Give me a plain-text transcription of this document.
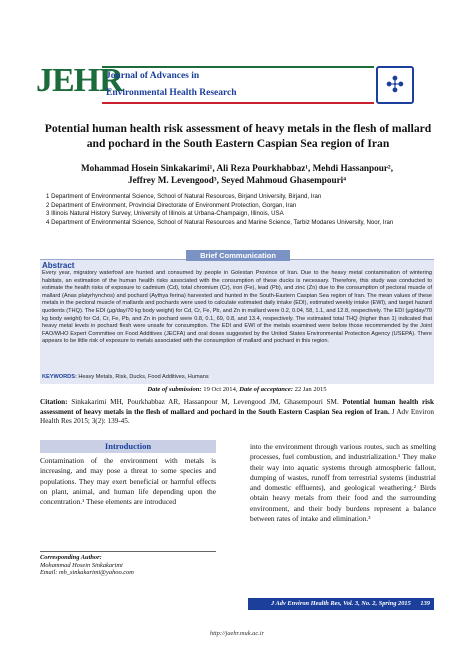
JEHR
Journal of Advances in
Environmental Health Research	✣
Potential human health risk assessment of heavy metals in the flesh of mallard and pochard in the South Eastern Caspian Sea region of Iran
Mohammad Hosein Sinkakarimi¹, Ali Reza Pourkhabbaz¹, Mehdi Hassanpour²,
Jeffrey M. Levengood³, Seyed Mahmoud Ghasempouri⁴
1 Department of Environmental Science, School of Natural Resources, Birjand University, Birjand, Iran
2 Department of Environment, Provincial Directorate of Environment Protection, Gorgan, Iran
3 Illinois Natural History Survey, University of Illinois at Urbana-Champaign, Illinois, USA
4 Department of Environmental Science, School of Natural Resources and Marine Science, Tarbiz Modares University, Noor, Iran
Abstract
Every year, migratory waterfowl are hunted and consumed by people in Golestan Province of Iran. Due to the heavy metal contamination of wintering habitats, an estimation of the human health risks associated with the consumption of these ducks is necessary. Therefore, this study was conducted to estimate the health risks of exposure to cadmium (Cd), total chromium (Cr), iron (Fe), lead (Pb), and zinc (Zn) due to the consumption of pectoral muscle of mallard (Anas platyrhynchos) and pochard (Aythya ferina) harvested and hunted in the South-Eastern Caspian Sea region of Iran. The mean values of these metals in the pectoral muscle of mallards and pochards were used to calculate estimated daily intake (EDI), estimated weekly intake (EWI), and target hazard quotients (THQ). The EDI (µg/day/70 kg body weight) for Cd, Cr, Fe, Pb, and Zn in mallard were 0.2, 0.04, 58, 1.1, and 12.8, respectively. The EDI (µg/day/70 kg body weight) for Cd, Cr, Fe, Pb, and Zn in pochard were 0.8, 0.1, 69, 0.8, and 13.4, respectively. The estimated total THQ (higher than 1) indicated that heavy metal levels in pochard flesh were unsafe for consumption. The EDI and EWI of the metals examined were below those recommended by the Joint FAO/WHO Expert Committee on Food Additives (JECFA) and oral doses suggested by the United States Environmental Protection Agency (USEPA). There appears to be little risk of exposure to metals associated with the consumption of mallard and pochard in this region.
KEYWORDS: Heavy Metals, Risk, Ducks, Food Additives, Humans
Brief Communication
Date of submission: 19 Oct 2014, Date of acceptance: 22 Jan 2015
Citation: Sinkakarimi MH, Pourkhabbaz AR, Hassanpour M, Levengood JM, Ghasempouri SM. Potential human health risk assessment of heavy metals in the flesh of mallard and pochard in the South Eastern Caspian Sea region of Iran. J Adv Environ Health Res 2015; 3(2): 139-45.
Introduction
Contamination of the environment with metals is increasing, and may pose a threat to some species and populations. They may exert beneficial or harmful effects on plant, animal, and human life depending upon the concentration.¹ These elements are introduced
Corresponding Author:
Mohammad Hosein Sinkakarimi
Email: mh_sinkakarimi@yahoo.com
into the environment through various routes, such as smelting processes, fuel combustion, and industrialization.¹ They make their way into aquatic systems through atmospheric fallout, dumping of wastes, runoff from terrestrial systems (industrial and domestic effluents), and geological weathering.² Birds obtain heavy metals from their food and the surrounding environment, and their body burdens represent a balance between rates of intake and elimination.³
J Adv Environ Health Res, Vol. 3, No. 2, Spring 2015 139
http://jaehr.muk.ac.ir
